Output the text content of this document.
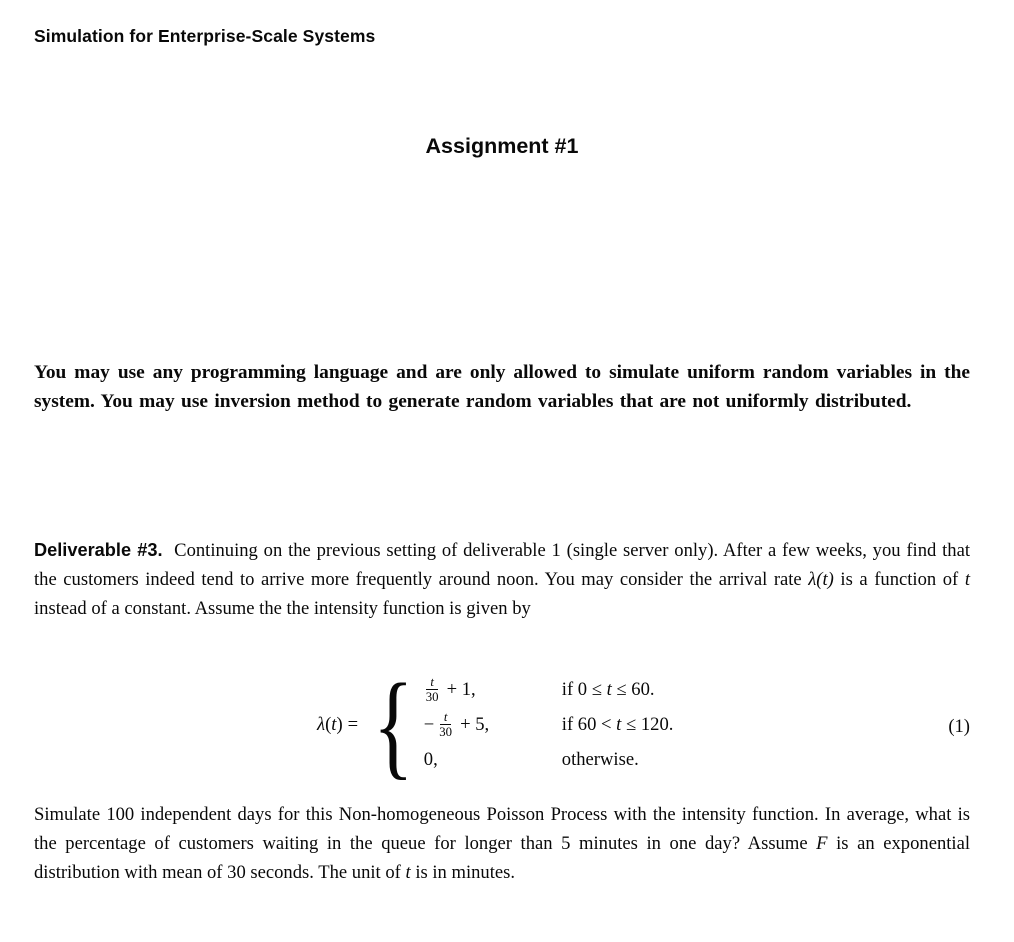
Simulation for Enterprise-Scale Systems
Assignment #1

You may use any programming language and are only allowed to simulate uniform random variables in the system. You may use inversion method to generate random variables that are not uniformly distributed.

Deliverable #3.  Continuing on the previous setting of deliverable 1 (single server only). After a few weeks, you find that the customers indeed tend to arrive more frequently around noon. You may consider the arrival rate λ(t) is a function of t instead of a constant. Assume the the intensity function is given by

λ(t) = { $\frac{t}{30} + 1$,	if 0 ≤ t ≤ 60.
− $\frac{t}{30} + 5$,	if 60 < t ≤ 120.
0,	otherwise.
(1)

Simulate 100 independent days for this Non-homogeneous Poisson Process with the intensity function. In average, what is the percentage of customers waiting in the queue for longer than 5 minutes in one day? Assume F is an exponential distribution with mean of 30 seconds. The unit of t is in minutes.
